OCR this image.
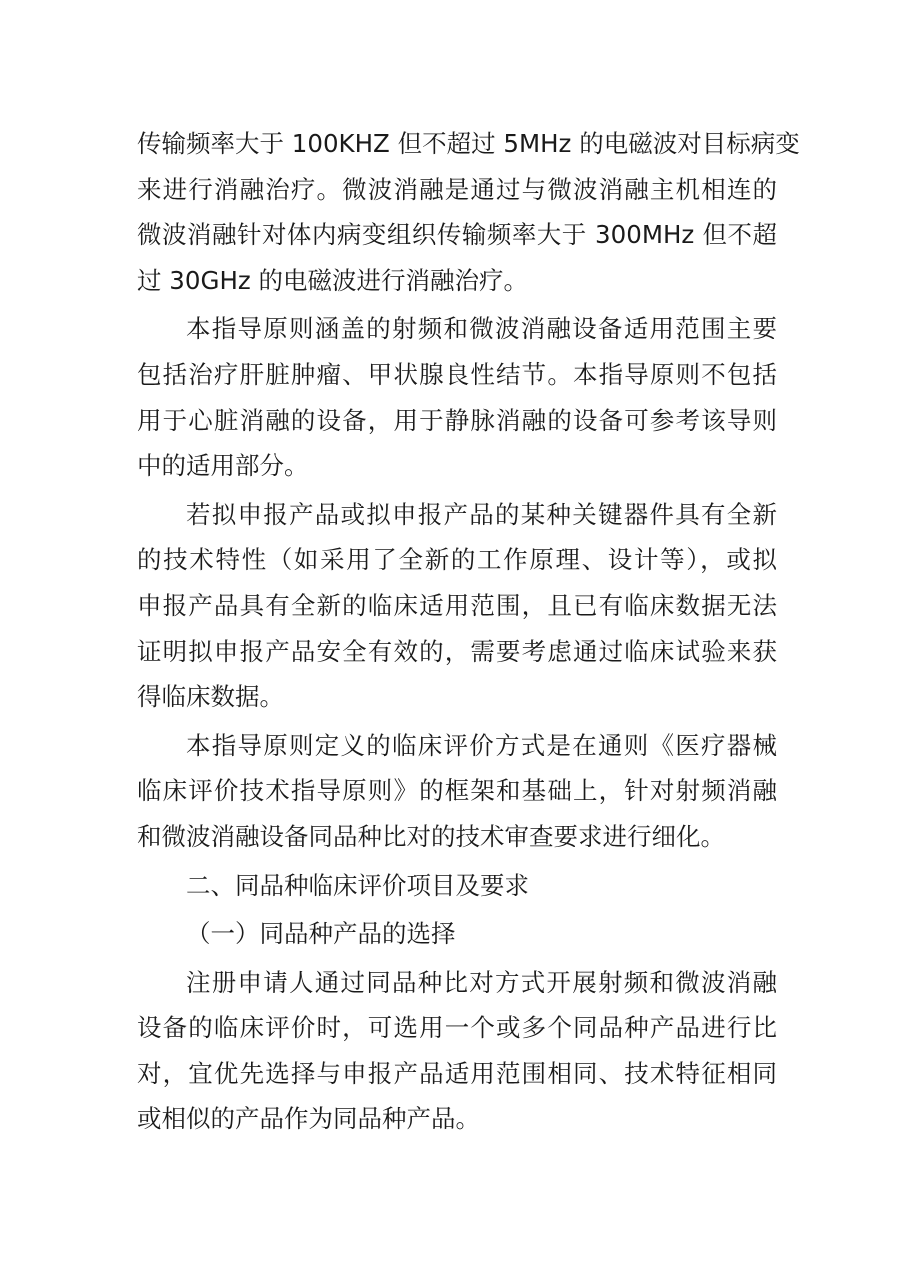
传输频率大于 100KHZ 但不超过 5MHz 的电磁波对目标病变
来进行消融治疗。微波消融是通过与微波消融主机相连的
微波消融针对体内病变组织传输频率大于 300MHz 但不超
过 30GHz 的电磁波进行消融治疗。
本指导原则涵盖的射频和微波消融设备适用范围主要
包括治疗肝脏肿瘤、甲状腺良性结节。本指导原则不包括
用于心脏消融的设备，用于静脉消融的设备可参考该导则
中的适用部分。
若拟申报产品或拟申报产品的某种关键器件具有全新
的技术特性（如采用了全新的工作原理、设计等），或拟
申报产品具有全新的临床适用范围，且已有临床数据无法
证明拟申报产品安全有效的，需要考虑通过临床试验来获
得临床数据。
本指导原则定义的临床评价方式是在通则《医疗器械
临床评价技术指导原则》的框架和基础上，针对射频消融
和微波消融设备同品种比对的技术审查要求进行细化。
二、同品种临床评价项目及要求
（一）同品种产品的选择
注册申请人通过同品种比对方式开展射频和微波消融
设备的临床评价时，可选用一个或多个同品种产品进行比
对，宜优先选择与申报产品适用范围相同、技术特征相同
或相似的产品作为同品种产品。
